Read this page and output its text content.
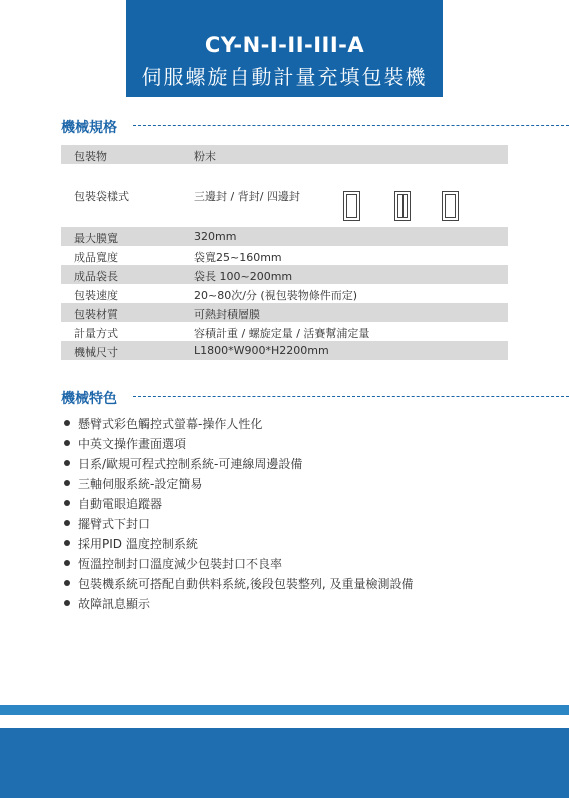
CY-N-I-II-III-A
伺服螺旋自動計量充填包裝機
機械規格
包裝物	粉末
包裝袋樣式	三邊封 / 背封/ 四邊封
最大膜寬	320mm
成品寬度	袋寬25~160mm
成品袋長	袋長 100~200mm
包裝速度	20~80次/分 (視包裝物條件而定)
包裝材質	可熱封積層膜
計量方式	容積計重 / 螺旋定量 / 活賽幫浦定量
機械尺寸	L1800*W900*H2200mm
機械特色
懸臂式彩色觸控式螢幕-操作人性化
中英文操作畫面選項
日系/歐規可程式控制系統-可連線周邊設備
三軸伺服系統-設定簡易
自動電眼追蹤器
擺臂式下封口
採用PID 溫度控制系統
恆溫控制封口溫度減少包裝封口不良率
包裝機系統可搭配自動供料系統,後段包裝整列, 及重量檢測設備
故障訊息顯示
